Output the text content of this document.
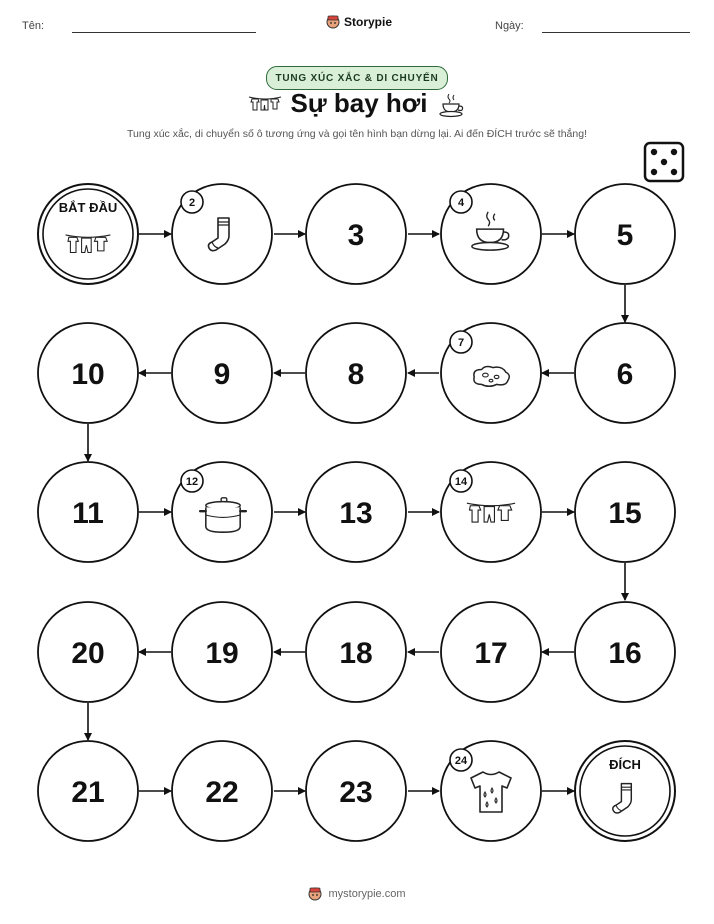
Tên:	Storypie	Ngày:
TUNG XÚC XẮC & DI CHUYỂN
Sự bay hơi
Tung xúc xắc, di chuyển số ô tương ứng và gọi tên hình bạn dừng lại. Ai đến ĐÍCH trước sẽ thắng!
BẮT ĐẦU	2
3
4
5
6
7
8
9
10
11
12
13
14
15
16
17
18
19
20
21	22	23
24	ĐÍCH
mystorypie.com
